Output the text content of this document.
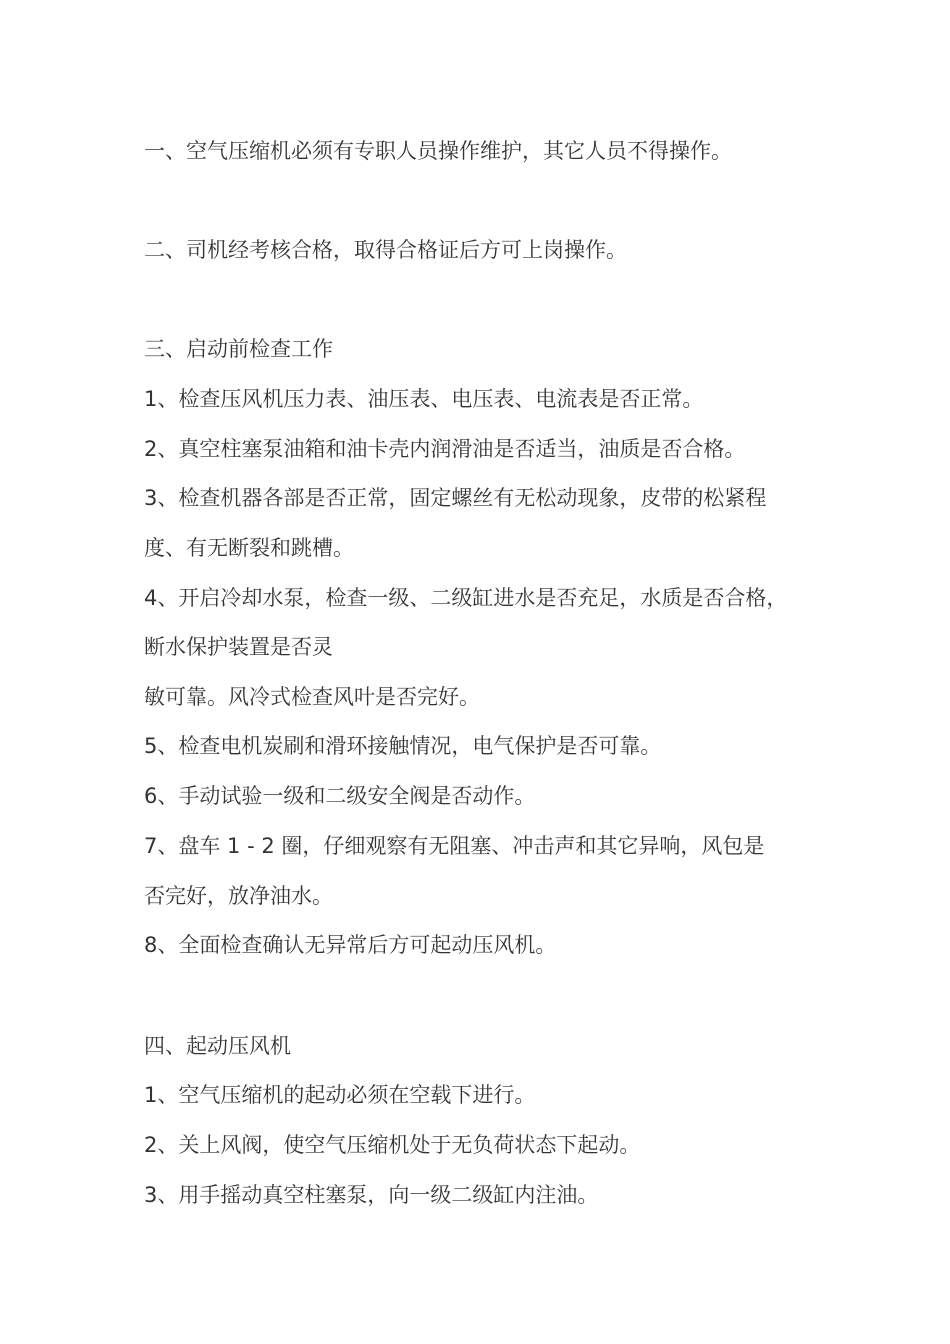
一、空气压缩机必须有专职人员操作维护，其它人员不得操作。
二、司机经考核合格，取得合格证后方可上岗操作。
三、启动前检查工作
1、检查压风机压力表、油压表、电压表、电流表是否正常。
2、真空柱塞泵油箱和油卡壳内润滑油是否适当，油质是否合格。
3、检查机器各部是否正常，固定螺丝有无松动现象，皮带的松紧程
度、有无断裂和跳槽。
4、开启冷却水泵，检查一级、二级缸进水是否充足，水质是否合格，
断水保护装置是否灵
敏可靠。风冷式检查风叶是否完好。
5、检查电机炭刷和滑环接触情况，电气保护是否可靠。
6、手动试验一级和二级安全阀是否动作。
7、盘车 1 - 2 圈，仔细观察有无阻塞、冲击声和其它异响，风包是
否完好，放净油水。
8、全面检查确认无异常后方可起动压风机。
四、起动压风机
1、空气压缩机的起动必须在空载下进行。
2、关上风阀，使空气压缩机处于无负荷状态下起动。
3、用手摇动真空柱塞泵，向一级二级缸内注油。
